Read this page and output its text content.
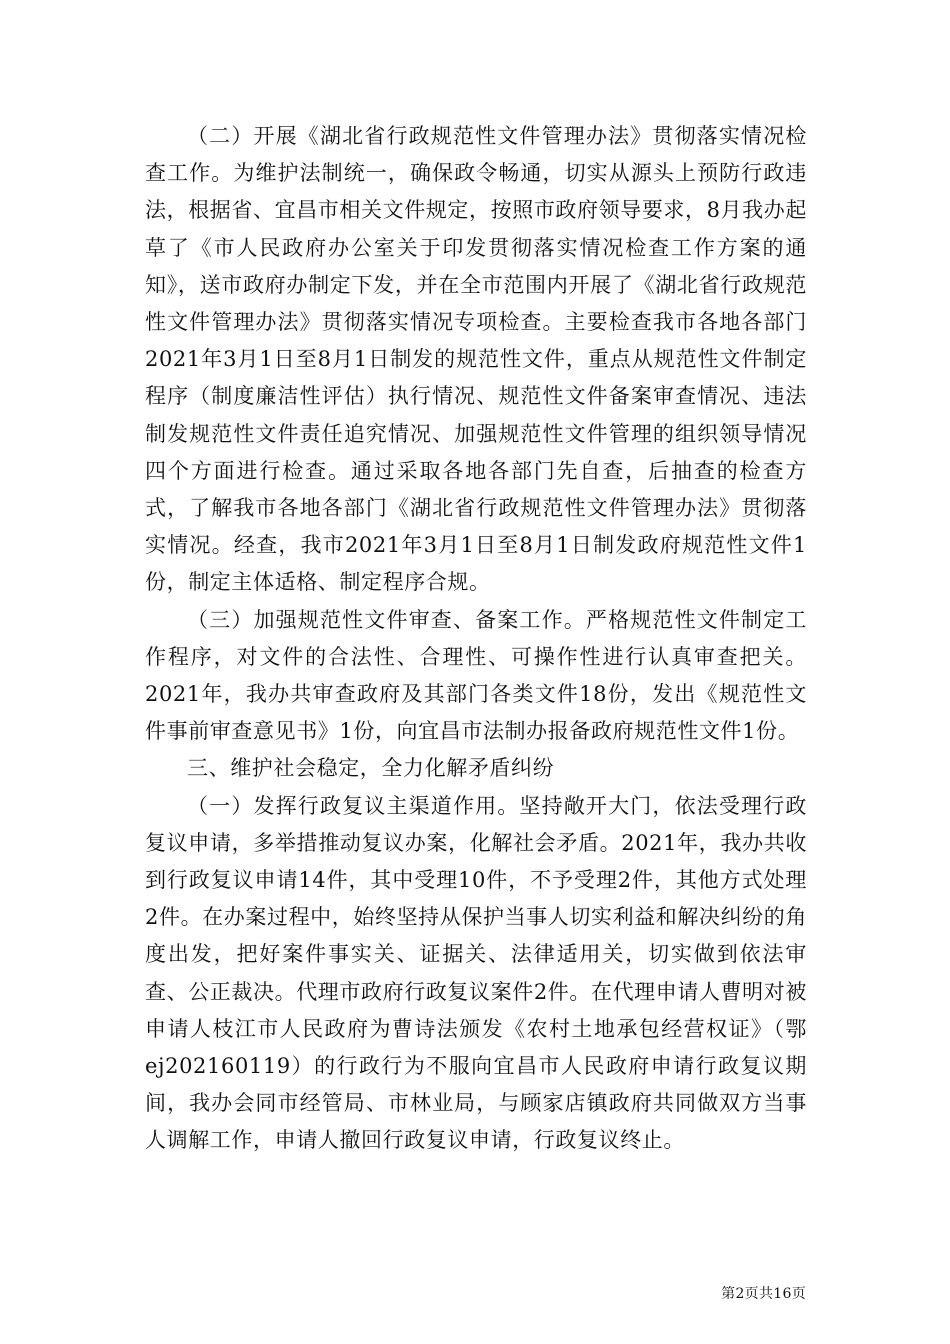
（二）开展《湖北省行政规范性文件管理办法》贯彻落实情况检查工作。为维护法制统一，确保政令畅通，切实从源头上预防行政违法，根据省、宜昌市相关文件规定，按照市政府领导要求，8月我办起草了《市人民政府办公室关于印发贯彻落实情况检查工作方案的通知》，送市政府办制定下发，并在全市范围内开展了《湖北省行政规范性文件管理办法》贯彻落实情况专项检查。主要检查我市各地各部门2021年3月1日至8月1日制发的规范性文件，重点从规范性文件制定程序（制度廉洁性评估）执行情况、规范性文件备案审查情况、违法制发规范性文件责任追究情况、加强规范性文件管理的组织领导情况四个方面进行检查。通过采取各地各部门先自查，后抽查的检查方式，了解我市各地各部门《湖北省行政规范性文件管理办法》贯彻落实情况。经查，我市2021年3月1日至8月1日制发政府规范性文件1份，制定主体适格、制定程序合规。

（三）加强规范性文件审查、备案工作。严格规范性文件制定工作程序，对文件的合法性、合理性、可操作性进行认真审查把关。2021年，我办共审查政府及其部门各类文件18份，发出《规范性文件事前审查意见书》1份，向宜昌市法制办报备政府规范性文件1份。

三、维护社会稳定，全力化解矛盾纠纷

（一）发挥行政复议主渠道作用。坚持敞开大门，依法受理行政复议申请，多举措推动复议办案，化解社会矛盾。2021年，我办共收到行政复议申请14件，其中受理10件，不予受理2件，其他方式处理2件。在办案过程中，始终坚持从保护当事人切实利益和解决纠纷的角度出发，把好案件事实关、证据关、法律适用关，切实做到依法审查、公正裁决。代理市政府行政复议案件2件。在代理申请人曹明对被申请人枝江市人民政府为曹诗法颁发《农村土地承包经营权证》（鄂ej202160119）的行政行为不服向宜昌市人民政府申请行政复议期间，我办会同市经管局、市林业局，与顾家店镇政府共同做双方当事人调解工作，申请人撤回行政复议申请，行政复议终止。

第2页共16页
